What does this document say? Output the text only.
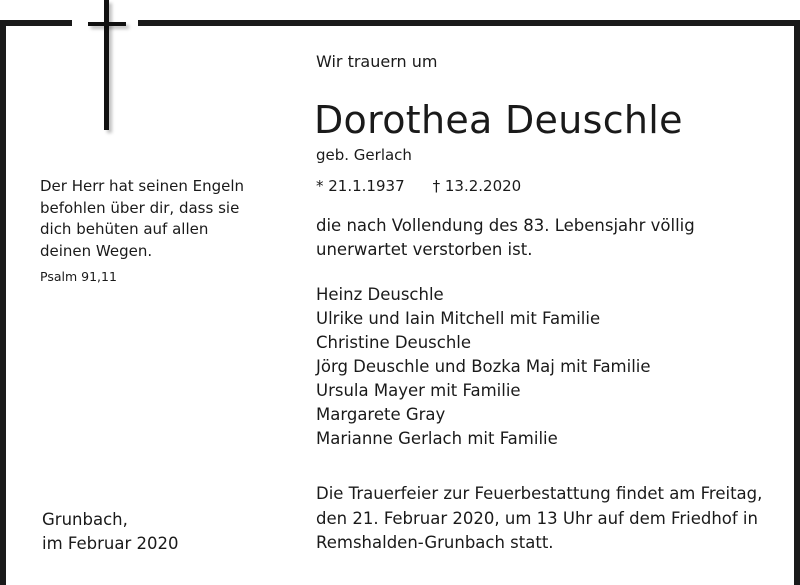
Wir trauern um
Dorothea Deuschle
geb. Gerlach
* 21.1.1937 † 13.2.2020
die nach Vollendung des 83. Lebensjahr völlig
unerwartet verstorben ist.
Heinz Deuschle
Ulrike und Iain Mitchell mit Familie
Christine Deuschle
Jörg Deuschle und Bozka Maj mit Familie
Ursula Mayer mit Familie
Margarete Gray
Marianne Gerlach mit Familie
Die Trauerfeier zur Feuerbestattung findet am Freitag,
den 21. Februar 2020, um 13 Uhr auf dem Friedhof in
Remshalden-Grunbach statt.
Der Herr hat seinen Engeln
befohlen über dir, dass sie
dich behüten auf allen
deinen Wegen.
Psalm 91,11
Grunbach,
im Februar 2020
